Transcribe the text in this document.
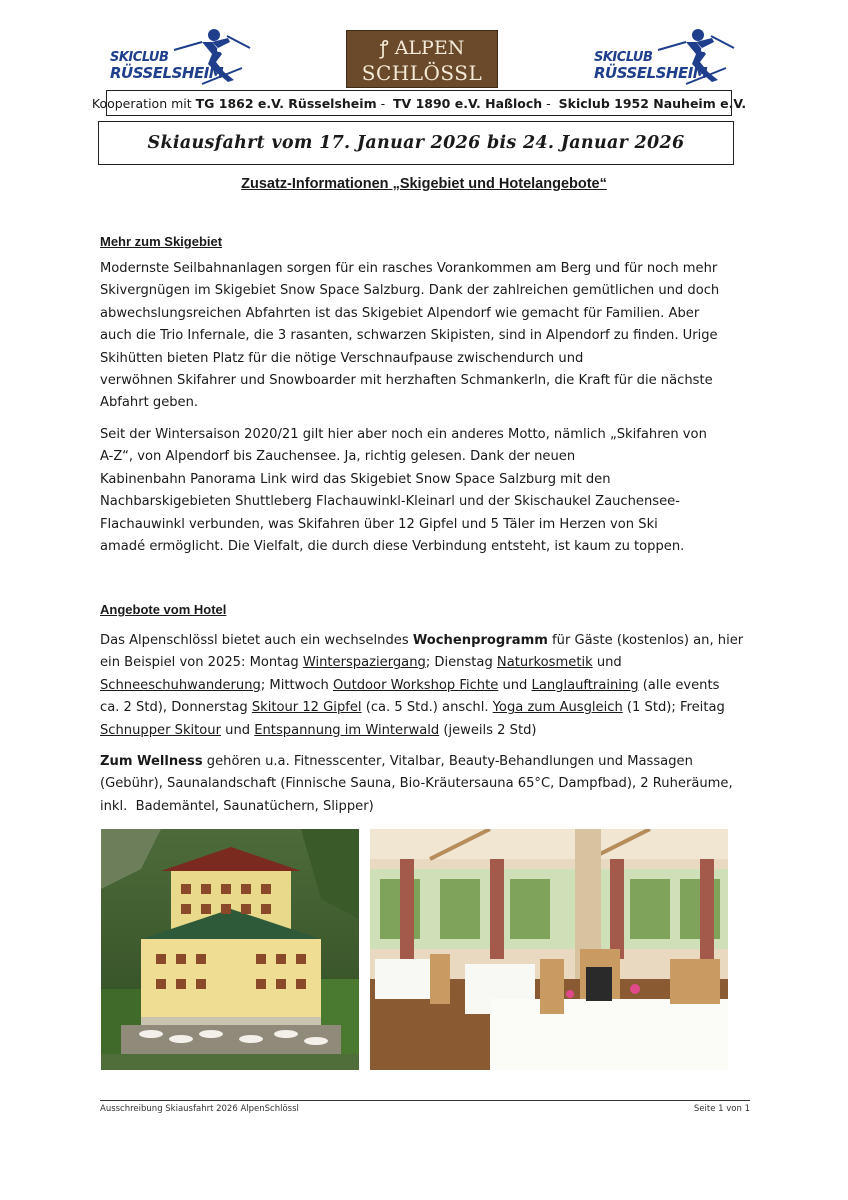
SKICLUB
RÜSSELSHEIM
ꝭ ALPEN
SCHLÖSSL
SKICLUB
RÜSSELSHEIM
Kooperation mit TG 1862 e.V. Rüsselsheim - TV 1890 e.V. Haßloch - Skiclub 1952 Nauheim e.V.
Skiausfahrt vom 17. Januar 2026 bis 24. Januar 2026
Zusatz-Informationen „Skigebiet und Hotelangebote“
Mehr zum Skigebiet
Modernste Seilbahnanlagen sorgen für ein rasches Vorankommen am Berg und für noch mehr
Skivergnügen im Skigebiet Snow Space Salzburg. Dank der zahlreichen gemütlichen und doch
abwechslungsreichen Abfahrten ist das Skigebiet Alpendorf wie gemacht für Familien. Aber
auch die Trio Infernale, die 3 rasanten, schwarzen Skipisten, sind in Alpendorf zu finden. Urige
Skihütten bieten Platz für die nötige Verschnaufpause zwischendurch und
verwöhnen Skifahrer und Snowboarder mit herzhaften Schmankerln, die Kraft für die nächste
Abfahrt geben.
Seit der Wintersaison 2020/21 gilt hier aber noch ein anderes Motto, nämlich „Skifahren von
A-Z“, von Alpendorf bis Zauchensee. Ja, richtig gelesen. Dank der neuen
Kabinenbahn Panorama Link wird das Skigebiet Snow Space Salzburg mit den
Nachbarskigebieten Shuttleberg Flachauwinkl-Kleinarl und der Skischaukel Zauchensee-
Flachauwinkl verbunden, was Skifahren über 12 Gipfel und 5 Täler im Herzen von Ski
amadé ermöglicht. Die Vielfalt, die durch diese Verbindung entsteht, ist kaum zu toppen.
Angebote vom Hotel
Das Alpenschlössl bietet auch ein wechselndes Wochenprogramm für Gäste (kostenlos) an, hier
ein Beispiel von 2025: Montag Winterspaziergang; Dienstag Naturkosmetik und
Schneeschuhwanderung; Mittwoch Outdoor Workshop Fichte und Langlauftraining (alle events
ca. 2 Std), Donnerstag Skitour 12 Gipfel (ca. 5 Std.) anschl. Yoga zum Ausgleich (1 Std); Freitag
Schnupper Skitour und Entspannung im Winterwald (jeweils 2 Std)
Zum Wellness gehören u.a. Fitnesscenter, Vitalbar, Beauty-Behandlungen und Massagen
(Gebühr), Saunalandschaft (Finnische Sauna, Bio-Kräutersauna 65°C, Dampfbad), 2 Ruheräume,
inkl.  Bademäntel, Saunatüchern, Slipper)
Ausschreibung Skiausfahrt 2026 AlpenSchlössl	Seite 1 von 1
